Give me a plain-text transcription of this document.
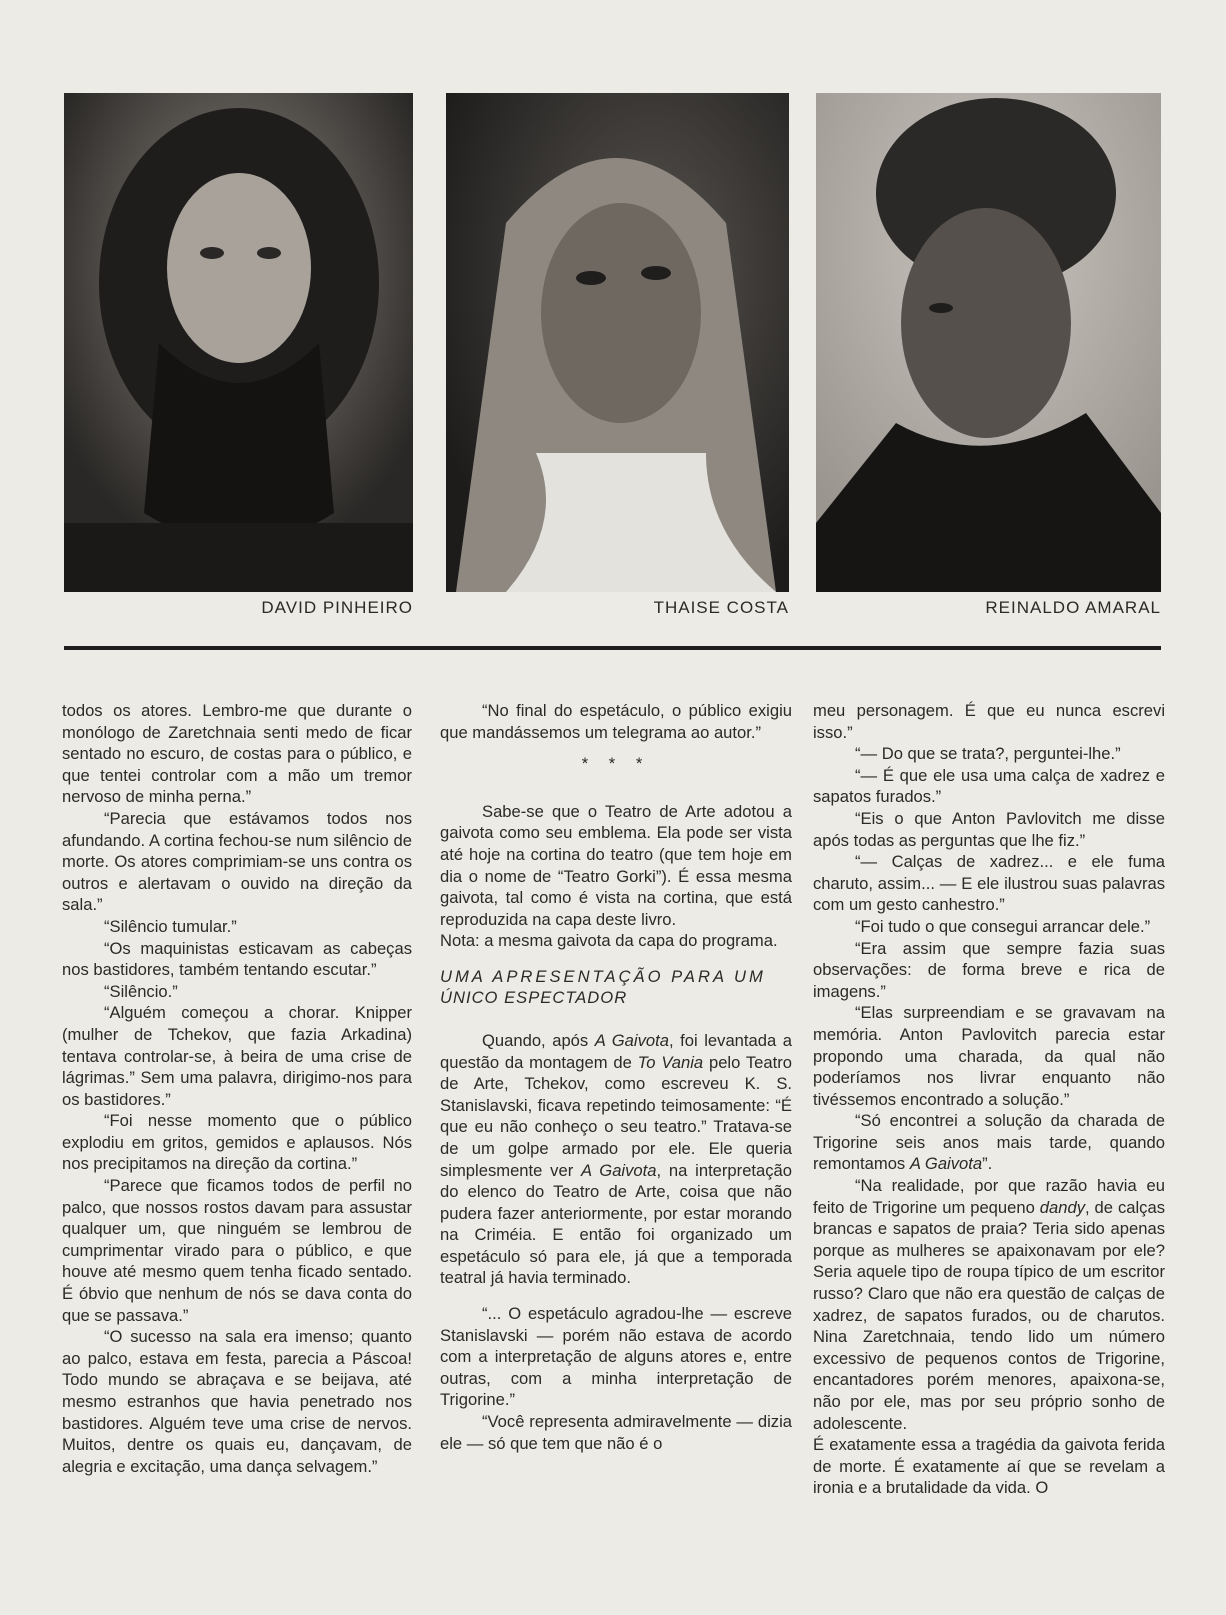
DAVID PINHEIRO	THAISE COSTA	REINALDO AMARAL

todos os atores. Lembro-me que durante o monólogo de Zaretchnaia senti medo de ficar sentado no escuro, de costas para o público, e que tentei controlar com a mão um tremor nervoso de minha perna.”

“Parecia que estávamos todos nos afundando. A cortina fechou-se num silêncio de morte. Os atores comprimiam-se uns contra os outros e alertavam o ouvido na direção da sala.”

“Silêncio tumular.”

“Os maquinistas esticavam as cabeças nos bastidores, também tentando escutar.”

“Silêncio.”

“Alguém começou a chorar. Knipper (mulher de Tchekov, que fazia Arkadina) tentava controlar-se, à beira de uma crise de lágrimas.” Sem uma palavra, dirigimo-nos para os bastidores.”

“Foi nesse momento que o público explodiu em gritos, gemidos e aplausos. Nós nos precipitamos na direção da cortina.”

“Parece que ficamos todos de perfil no palco, que nossos rostos davam para assustar qualquer um, que ninguém se lembrou de cumprimentar virado para o público, e que houve até mesmo quem tenha ficado sentado. É óbvio que nenhum de nós se dava conta do que se passava.”

“O sucesso na sala era imenso; quanto ao palco, estava em festa, parecia a Páscoa! Todo mundo se abraçava e se beijava, até mesmo estranhos que havia penetrado nos bastidores. Alguém teve uma crise de nervos. Muitos, dentre os quais eu, dançavam, de alegria e excitação, uma dança selvagem.”

“No final do espetáculo, o público exigiu que mandássemos um telegrama ao autor.”

* * *

Sabe-se que o Teatro de Arte adotou a gaivota como seu emblema. Ela pode ser vista até hoje na cortina do teatro (que tem hoje em dia o nome de “Teatro Gorki”). É essa mesma gaivota, tal como é vista na cortina, que está reproduzida na capa deste livro.

Nota: a mesma gaivota da capa do programa.

UMA APRESENTAÇÃO PARA UM

ÚNICO ESPECTADOR

Quando, após A Gaivota, foi levantada a questão da montagem de To Vania pelo Teatro de Arte, Tchekov, como escreveu K. S. Stanislavski, ficava repetindo teimosamente: “É que eu não conheço o seu teatro.” Tratava-se de um golpe armado por ele. Ele queria simplesmente ver A Gaivota, na interpretação do elenco do Teatro de Arte, coisa que não pudera fazer anteriormente, por estar morando na Criméia. E então foi organizado um espetáculo só para ele, já que a temporada teatral já havia terminado.

“... O espetáculo agradou-lhe — escreve Stanislavski — porém não estava de acordo com a interpretação de alguns atores e, entre outras, com a minha interpretação de Trigorine.”

“Você representa admiravelmente — dizia ele — só que tem que não é o

meu personagem. É que eu nunca escrevi isso.”

“— Do que se trata?, perguntei-lhe.”

“— É que ele usa uma calça de xadrez e sapatos furados.”

“Eis o que Anton Pavlovitch me disse após todas as perguntas que lhe fiz.”

“— Calças de xadrez... e ele fuma charuto, assim... — E ele ilustrou suas palavras com um gesto canhestro.”

“Foi tudo o que consegui arrancar dele.”

“Era assim que sempre fazia suas observações: de forma breve e rica de imagens.”

“Elas surpreendiam e se gravavam na memória. Anton Pavlovitch parecia estar propondo uma charada, da qual não poderíamos nos livrar enquanto não tivéssemos encontrado a solução.”

“Só encontrei a solução da charada de Trigorine seis anos mais tarde, quando remontamos A Gaivota”.

“Na realidade, por que razão havia eu feito de Trigorine um pequeno dandy, de calças brancas e sapatos de praia? Teria sido apenas porque as mulheres se apaixonavam por ele? Seria aquele tipo de roupa típico de um escritor russo? Claro que não era questão de calças de xadrez, de sapatos furados, ou de charutos. Nina Zaretchnaia, tendo lido um número excessivo de pequenos contos de Trigorine, encantadores porém menores, apaixona-se, não por ele, mas por seu próprio sonho de adolescente.

É exatamente essa a tragédia da gaivota ferida de morte. É exatamente aí que se revelam a ironia e a brutalidade da vida. O
